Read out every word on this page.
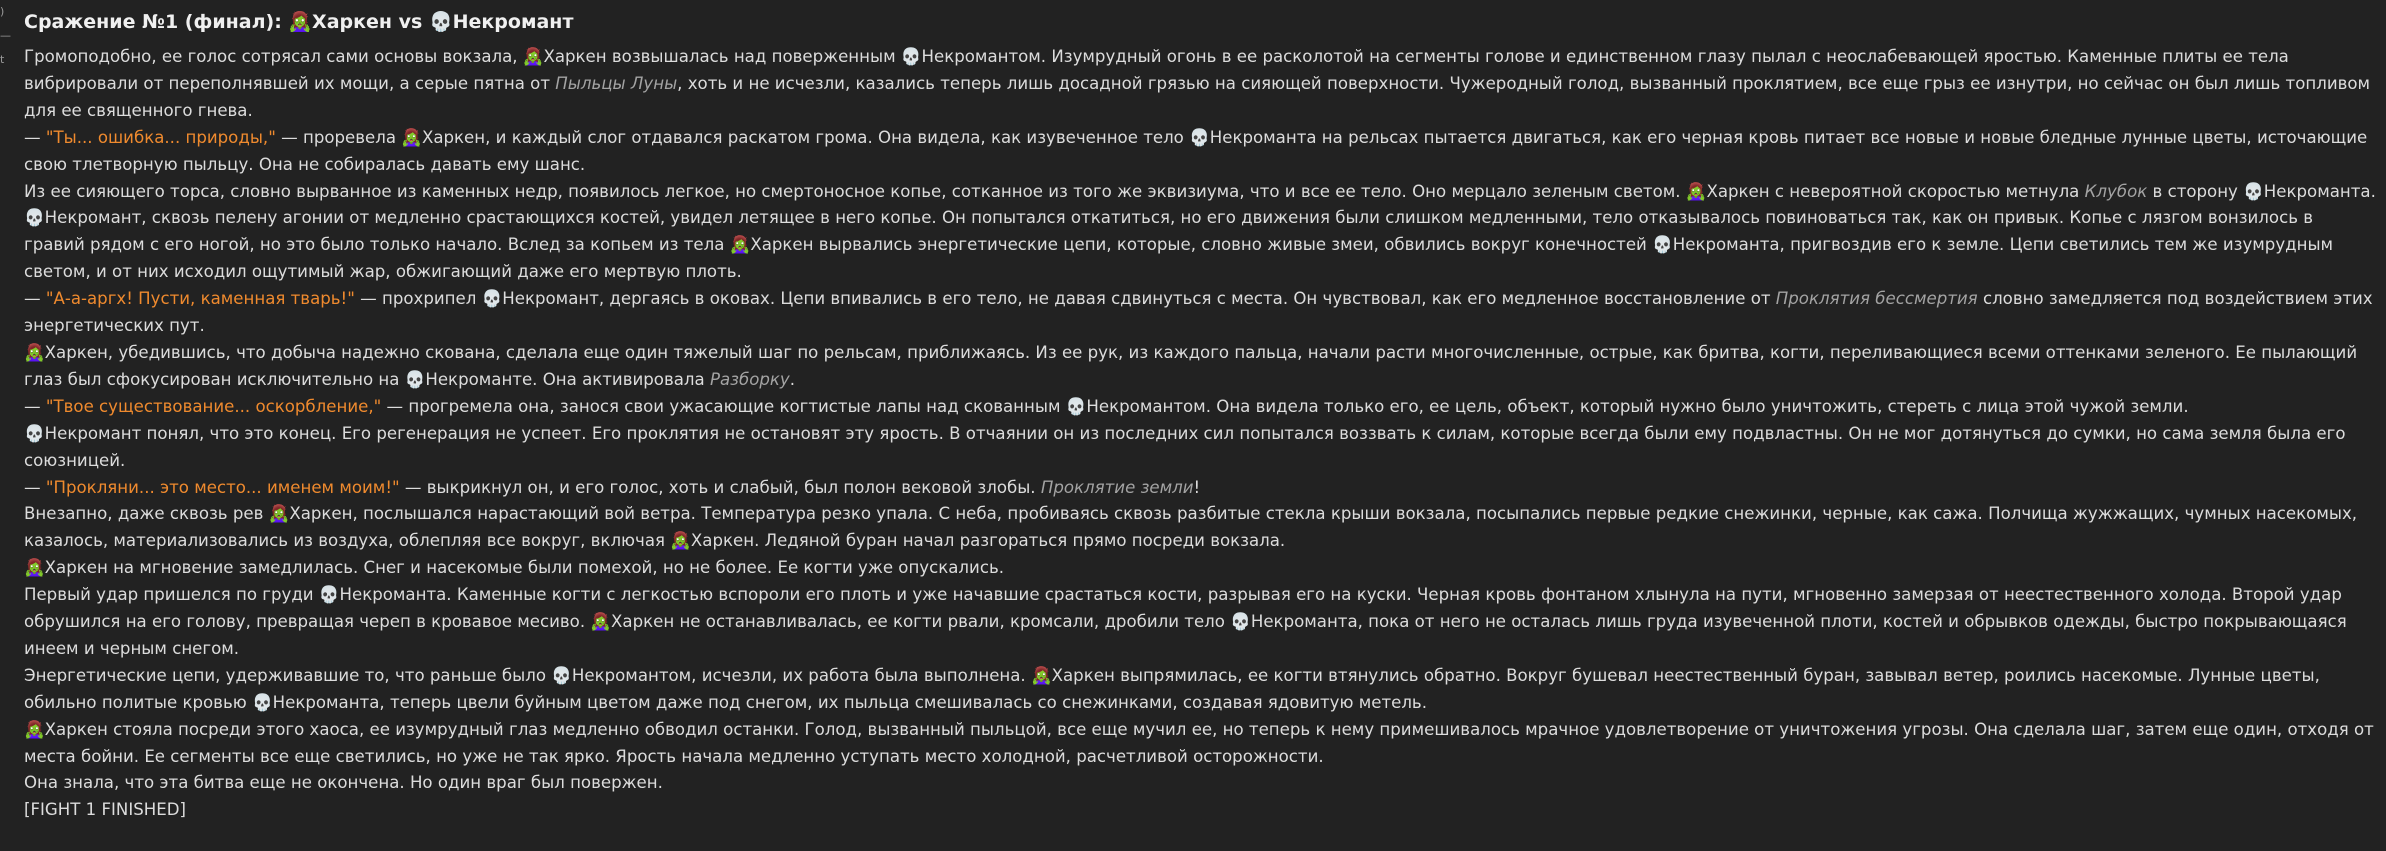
)
—
t
Сражение №1 (финал): 🧟‍♀️Харкен vs 💀Некромант

Громоподобно, ее голос сотрясал сами основы вокзала, 🧟‍♀️Харкен возвышалась над поверженным 💀Некромантом. Изумрудный огонь в ее расколотой на сегменты голове и единственном глазу пылал с неослабевающей яростью. Каменные плиты ее тела вибрировали от переполнявшей их мощи, а серые пятна от Пыльцы Луны, хоть и не исчезли, казались теперь лишь досадной грязью на сияющей поверхности. Чужеродный голод, вызванный проклятием, все еще грыз ее изнутри, но сейчас он был лишь топливом для ее священного гнева.

— "Ты... ошибка... природы," — проревела 🧟‍♀️Харкен, и каждый слог отдавался раскатом грома. Она видела, как изувеченное тело 💀Некроманта на рельсах пытается двигаться, как его черная кровь питает все новые и новые бледные лунные цветы, источающие свою тлетворную пыльцу. Она не собиралась давать ему шанс.

Из ее сияющего торса, словно вырванное из каменных недр, появилось легкое, но смертоносное копье, сотканное из того же эквизиума, что и все ее тело. Оно мерцало зеленым светом. 🧟‍♀️Харкен с невероятной скоростью метнула Клубок в сторону 💀Некроманта. 💀Некромант, сквозь пелену агонии от медленно срастающихся костей, увидел летящее в него копье. Он попытался откатиться, но его движения были слишком медленными, тело отказывалось повиноваться так, как он привык. Копье с лязгом вонзилось в гравий рядом с его ногой, но это было только начало. Вслед за копьем из тела 🧟‍♀️Харкен вырвались энергетические цепи, которые, словно живые змеи, обвились вокруг конечностей 💀Некроманта, пригвоздив его к земле. Цепи светились тем же изумрудным светом, и от них исходил ощутимый жар, обжигающий даже его мертвую плоть.

— "А-а-аргх! Пусти, каменная тварь!" — прохрипел 💀Некромант, дергаясь в оковах. Цепи впивались в его тело, не давая сдвинуться с места. Он чувствовал, как его медленное восстановление от Проклятия бессмертия словно замедляется под воздействием этих энергетических пут.

🧟‍♀️Харкен, убедившись, что добыча надежно скована, сделала еще один тяжелый шаг по рельсам, приближаясь. Из ее рук, из каждого пальца, начали расти многочисленные, острые, как бритва, когти, переливающиеся всеми оттенками зеленого. Ее пылающий глаз был сфокусирован исключительно на 💀Некроманте. Она активировала Разборку.

— "Твое существование... оскорбление," — прогремела она, занося свои ужасающие когтистые лапы над скованным 💀Некромантом. Она видела только его, ее цель, объект, который нужно было уничтожить, стереть с лица этой чужой земли.

💀Некромант понял, что это конец. Его регенерация не успеет. Его проклятия не остановят эту ярость. В отчаянии он из последних сил попытался воззвать к силам, которые всегда были ему подвластны. Он не мог дотянуться до сумки, но сама земля была его союзницей.

— "Прокляни... это место... именем моим!" — выкрикнул он, и его голос, хоть и слабый, был полон вековой злобы. Проклятие земли!

Внезапно, даже сквозь рев 🧟‍♀️Харкен, послышался нарастающий вой ветра. Температура резко упала. С неба, пробиваясь сквозь разбитые стекла крыши вокзала, посыпались первые редкие снежинки, черные, как сажа. Полчища жужжащих, чумных насекомых, казалось, материализовались из воздуха, облепляя все вокруг, включая 🧟‍♀️Харкен. Ледяной буран начал разгораться прямо посреди вокзала.

🧟‍♀️Харкен на мгновение замедлилась. Снег и насекомые были помехой, но не более. Ее когти уже опускались.

Первый удар пришелся по груди 💀Некроманта. Каменные когти с легкостью вспороли его плоть и уже начавшие срастаться кости, разрывая его на куски. Черная кровь фонтаном хлынула на пути, мгновенно замерзая от неестественного холода. Второй удар обрушился на его голову, превращая череп в кровавое месиво. 🧟‍♀️Харкен не останавливалась, ее когти рвали, кромсали, дробили тело 💀Некроманта, пока от него не осталась лишь груда изувеченной плоти, костей и обрывков одежды, быстро покрывающаяся инеем и черным снегом.

Энергетические цепи, удерживавшие то, что раньше было 💀Некромантом, исчезли, их работа была выполнена. 🧟‍♀️Харкен выпрямилась, ее когти втянулись обратно. Вокруг бушевал неестественный буран, завывал ветер, роились насекомые. Лунные цветы, обильно политые кровью 💀Некроманта, теперь цвели буйным цветом даже под снегом, их пыльца смешивалась со снежинками, создавая ядовитую метель.

🧟‍♀️Харкен стояла посреди этого хаоса, ее изумрудный глаз медленно обводил останки. Голод, вызванный пыльцой, все еще мучил ее, но теперь к нему примешивалось мрачное удовлетворение от уничтожения угрозы. Она сделала шаг, затем еще один, отходя от места бойни. Ее сегменты все еще светились, но уже не так ярко. Ярость начала медленно уступать место холодной, расчетливой осторожности.

Она знала, что эта битва еще не окончена. Но один враг был повержен.

[FIGHT 1 FINISHED]
